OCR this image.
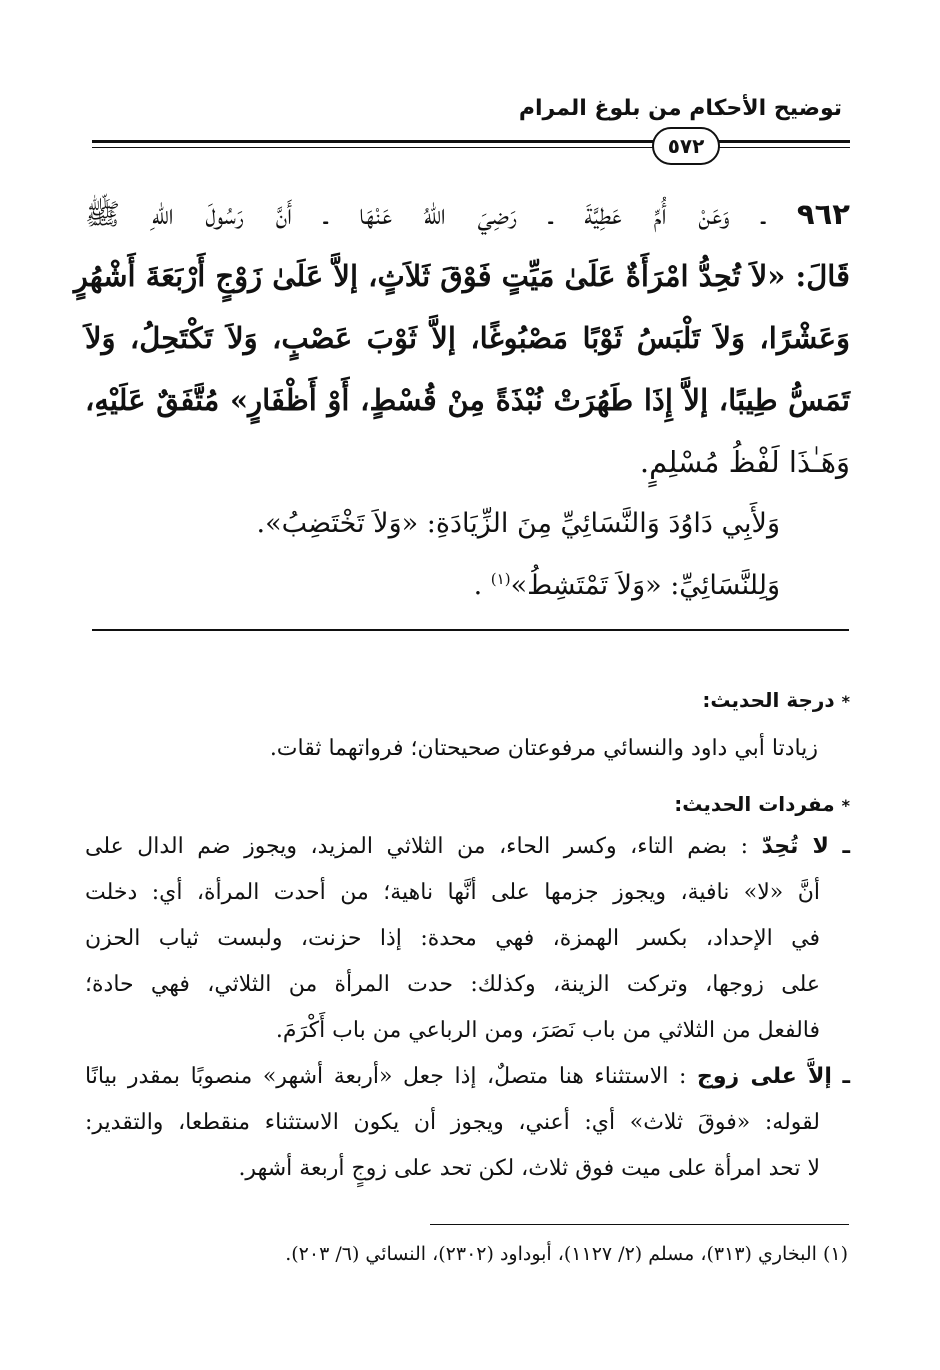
توضيح الأحكام من بلوغ المرام
٥٧٢
٩٦٢ ـ وَعَنْ أُمِّ عَطِيَّةَ ـ رَضِيَ اللهُ عَنْهَا ـ أَنَّ رَسُولَ اللهِ ﷺ
قَالَ: «لاَ تُحِدُّ امْرَأَةٌ عَلَىٰ مَيِّتٍ فَوْقَ ثَلاَثٍ، إلاَّ عَلَىٰ زَوْجٍ أَرْبَعَةَ أَشْهُرٍ
وَعَشْرًا، وَلاَ تَلْبَسُ ثَوْبًا مَصْبُوغًا، إلاَّ ثَوْبَ عَصْبٍ، وَلاَ تَكْتَحِلُ، وَلاَ
تَمَسُّ طِيبًا، إلاَّ إِذَا طَهُرَتْ نُبْذَةً مِنْ قُسْطٍ، أَوْ أَظْفَارٍ» مُتَّفَقٌ عَلَيْهِ،
وَهَـٰذَا لَفْظُ مُسْلِمٍ.
وَلأَبِي دَاوُدَ وَالنَّسَائِيِّ مِنَ الزِّيَادَةِ: «وَلاَ تَخْتَضِبُ».
وَلِلنَّسَائِيِّ: «وَلاَ تَمْتَشِطُ»$^{(١)}$ .
* درجة الحديث:
زيادتا أبي داود والنسائي مرفوعتان صحيحتان؛ فرواتهما ثقات.
* مفردات الحديث:
ـ لا تُحِدّ : بضم التاء، وكسر الحاء، من الثلاثي المزيد، ويجوز ضم الدال على
أنَّ «لا» نافية، ويجوز جزمها على أنَّها ناهية؛ من أحدت المرأة، أي: دخلت
في الإحداد، بكسر الهمزة، فهي محدة: إذا حزنت، ولبست ثياب الحزن
على زوجها، وتركت الزينة، وكذلك: حدت المرأة من الثلاثي، فهي حادة؛
فالفعل من الثلاثي من باب نَصَرَ، ومن الرباعي من باب أَكْرَمَ.
ـ إلاَّ على زوج : الاستثناء هنا متصلٌ، إذا جعل «أربعة أشهر» منصوبًا بمقدر بيانًا
لقوله: «فوقَ ثلاث» أي: أعني، ويجوز أن يكون الاستثناء منقطعا، والتقدير:
لا تحد امرأة على ميت فوق ثلاث، لكن تحد على زوجٍ أربعة أشهر.
(١) البخاري (٣١٣)، مسلم (٢/ ١١٢٧)، أبوداود (٢٣٠٢)، النسائي (٦/ ٢٠٣).
